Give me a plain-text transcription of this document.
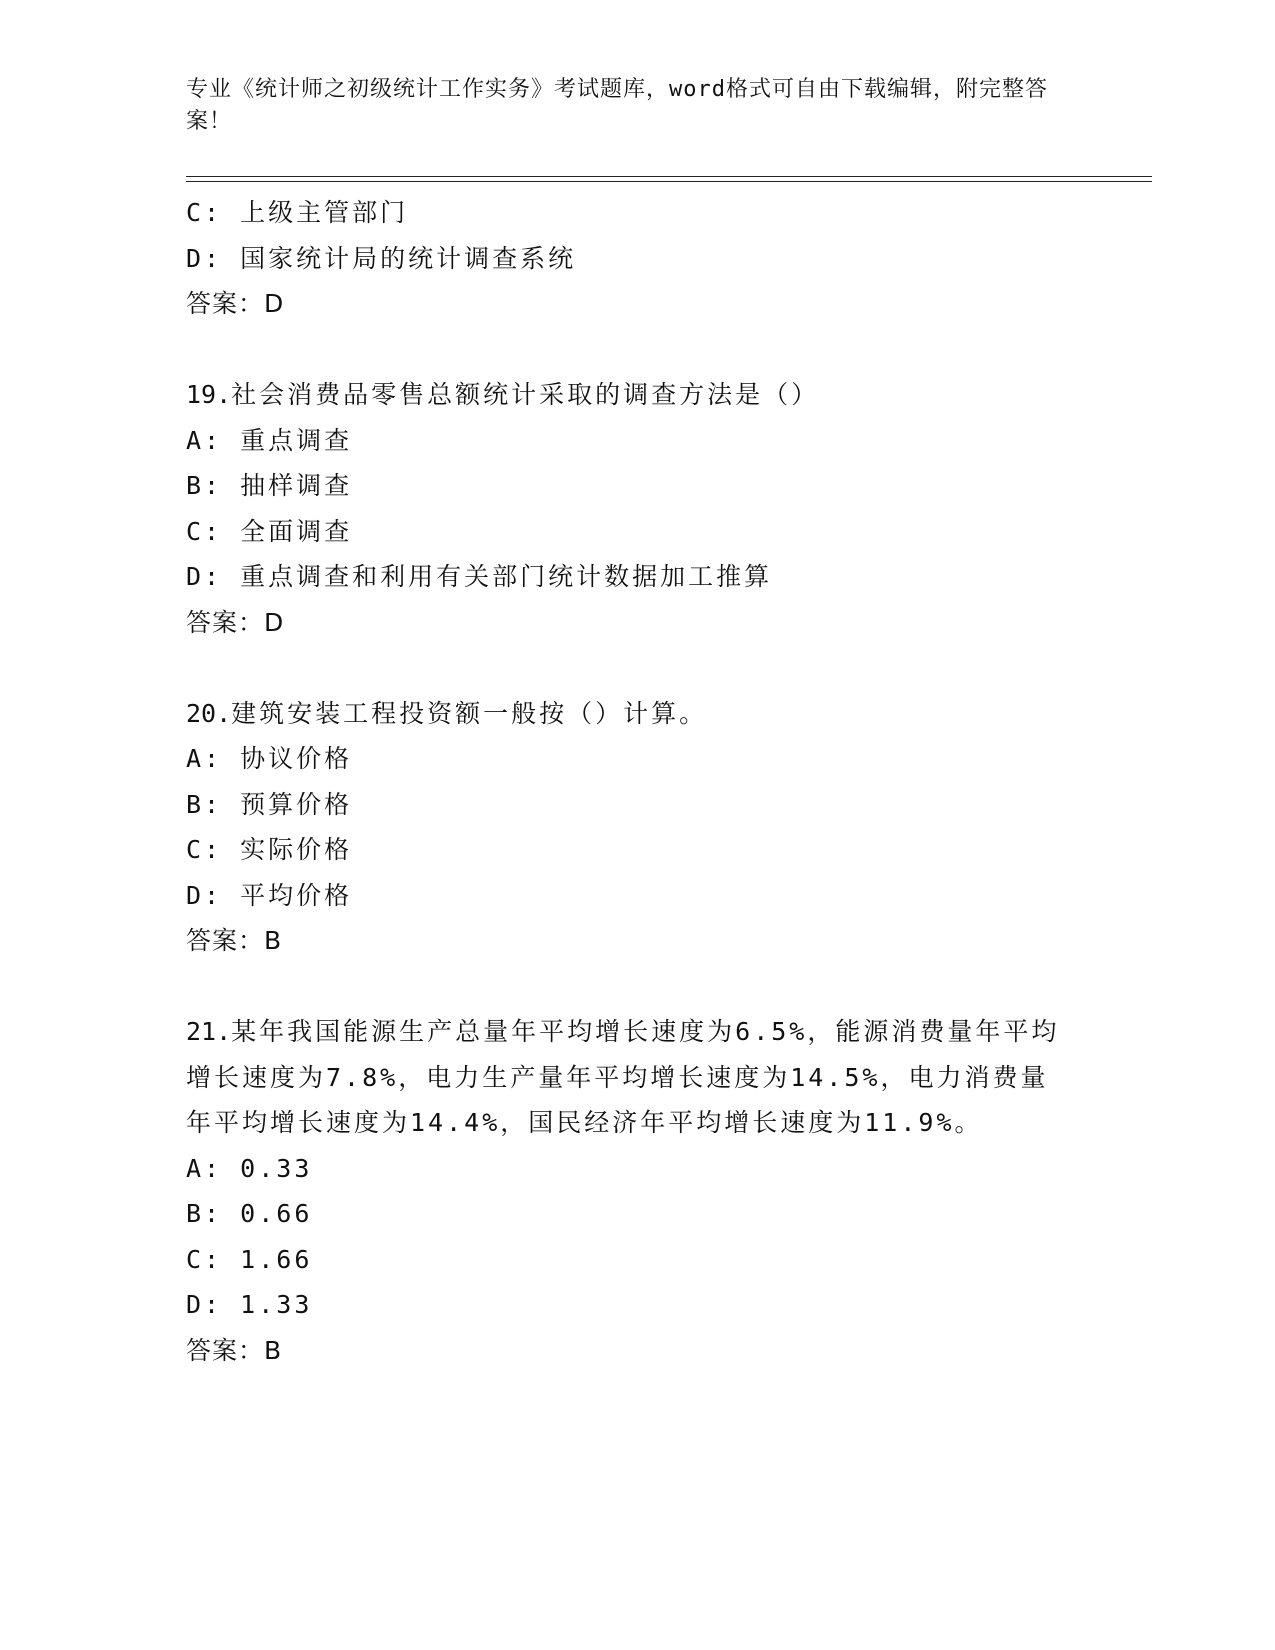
专业《统计师之初级统计工作实务》考试题库，word格式可自由下载编辑，附完整答案！
C: 上级主管部门
D: 国家统计局的统计调查系统
答案：D
19.社会消费品零售总额统计采取的调查方法是（）
A: 重点调查
B: 抽样调查
C: 全面调查
D: 重点调查和利用有关部门统计数据加工推算
答案：D
20.建筑安装工程投资额一般按（）计算。
A: 协议价格
B: 预算价格
C: 实际价格
D: 平均价格
答案：B
21.某年我国能源生产总量年平均增长速度为6.5%，能源消费量年平均
增长速度为7.8%，电力生产量年平均增长速度为14.5%，电力消费量
年平均增长速度为14.4%，国民经济年平均增长速度为11.9%。
A: 0.33
B: 0.66
C: 1.66
D: 1.33
答案：B
